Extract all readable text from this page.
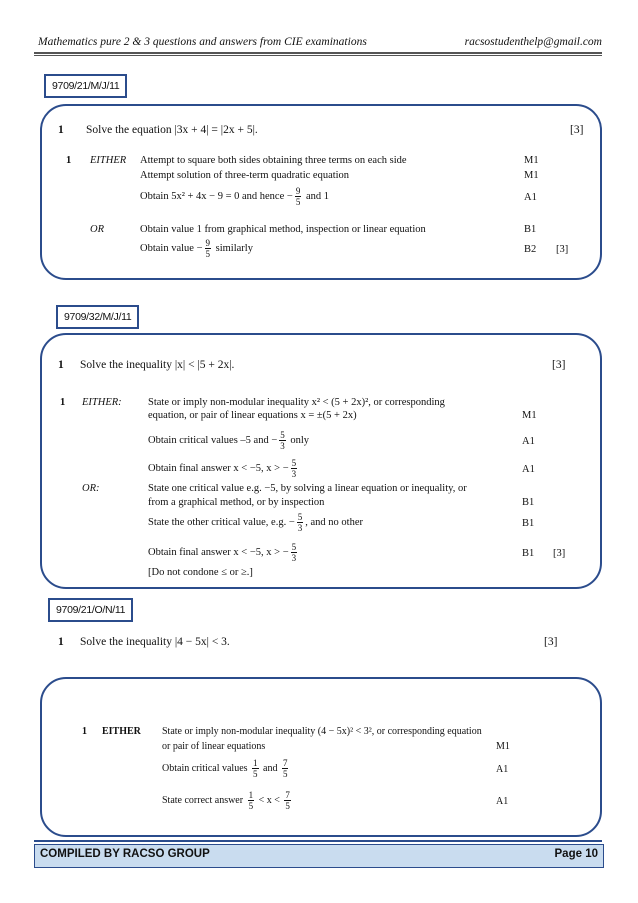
Mathematics pure 2 & 3 questions and answers from CIE examinations	racsostudenthelp@gmail.com
9709/21/M/J/11
1 Solve the equation |3x + 4| = |2x + 5|.	[3]
1 EITHER Attempt to square both sides obtaining three terms on each side	M1
Attempt solution of three-term quadratic equation	M1
Obtain 5x² + 4x − 9 = 0 and hence − $\frac{9}{5}$ and 1	A1
OR	Obtain value 1 from graphical method, inspection or linear equation	B1
Obtain value − $\frac{9}{5}$ similarly	B2 [3]
9709/32/M/J/11
1 Solve the inequality |x| < |5 + 2x|.	[3]
1 EITHER:	State or imply non-modular inequality x² < (5 + 2x)², or corresponding
equation, or pair of linear equations x = ±(5 + 2x)	M1
Obtain critical values –5 and − $\frac{5}{3}$ only	A1
Obtain final answer x < −5, x > − $\frac{5}{3}$	A1
OR:	State one critical value e.g. −5, by solving a linear equation or inequality, or
from a graphical method, or by inspection	B1
State the other critical value, e.g. − $\frac{5}{3}$ , and no other	B1
Obtain final answer x < −5, x > − $\frac{5}{3}$	B1 [3]
[Do not condone ≤ or ≥.]
9709/21/O/N/11
1 Solve the inequality |4 − 5x| < 3.	[3]
1 EITHER State or imply non-modular inequality (4 − 5x)² < 3², or corresponding equation
or pair of linear equations	M1
Obtain critical values $\frac{1}{5}$ and $\frac{7}{5}$	A1
State correct answer $\frac{1}{5} < x < \frac{7}{5}$	A1
COMPILED BY RACSO GROUP	Page 10
